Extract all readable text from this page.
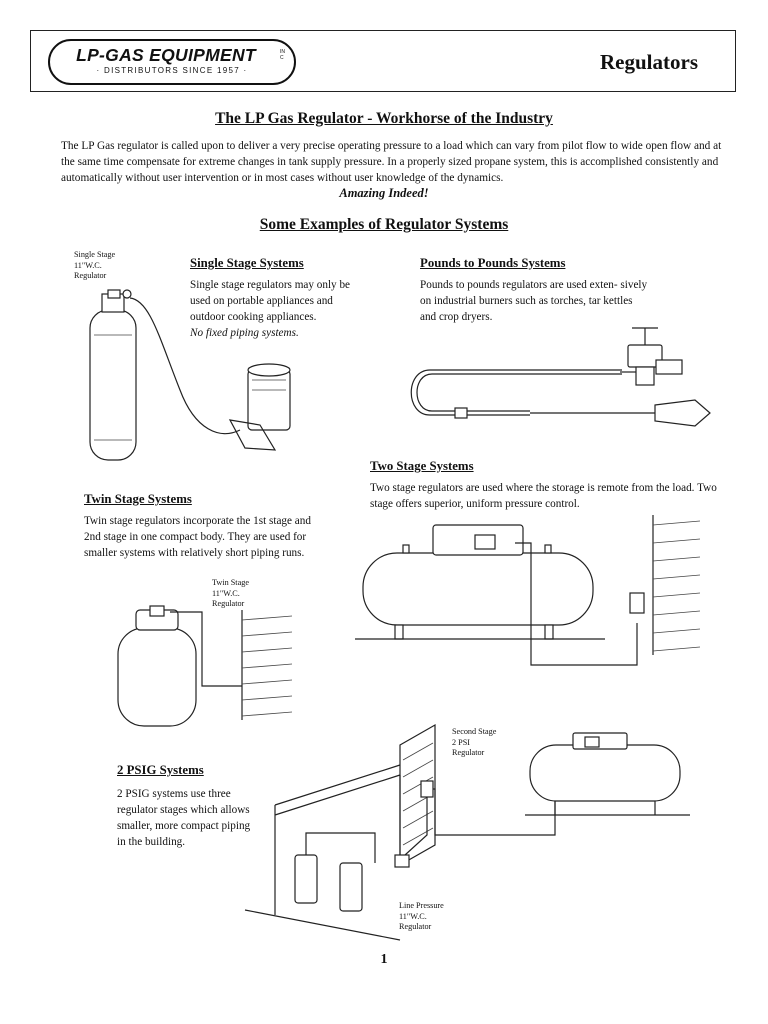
LP-GAS EQUIPMENT	INC
· DISTRIBUTORS SINCE 1957 ·	Regulators
The LP Gas Regulator - Workhorse of the Industry

The LP Gas regulator is called upon to deliver a very precise operating pressure to a load which can vary from pilot flow to wide open flow and at the same time compensate for extreme changes in tank supply pressure. In a properly sized propane system, this is accomplished consistently and automatically without user intervention or in most cases without user knowledge of the dynamics.

Amazing Indeed!
Some Examples of Regulator Systems
Single Stage
11"W.C.
Regulator
Single Stage Systems

Single stage regulators may only be used on portable appliances and outdoor cooking appliances.

No fixed piping systems.

Pounds to Pounds Systems

Pounds to pounds regulators are used exten- sively on industrial burners such as torches, tar kettles and crop dryers.

Two Stage Systems

Two stage regulators are used where the storage is remote from the load. Two stage offers superior, uniform pressure control.

Twin Stage Systems

Twin stage regulators incorporate the 1st stage and 2nd stage in one compact body. They are used for smaller systems with relatively short piping runs.

Twin Stage
11"W.C.
Regulator
2 PSIG Systems

2 PSIG systems use three regulator stages which allows smaller, more compact piping in the building.

Second Stage
2 PSI
Regulator
Line Pressure
11"W.C.
Regulator
1
